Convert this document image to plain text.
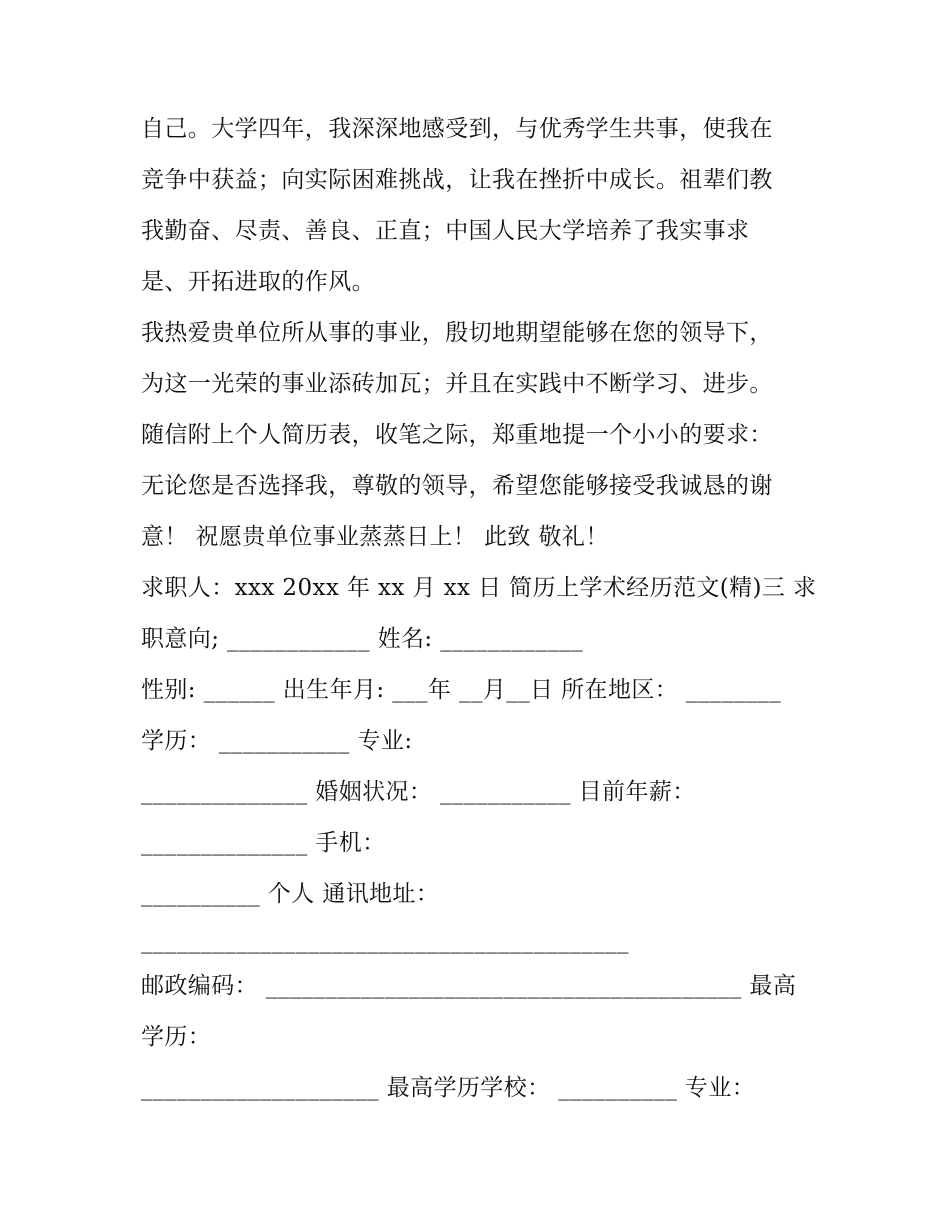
自己。大学四年，我深深地感受到，与优秀学生共事，使我在
竞争中获益；向实际困难挑战，让我在挫折中成长。祖辈们教
我勤奋、尽责、善良、正直；中国人民大学培养了我实事求
是、开拓进取的作风。
我热爱贵单位所从事的事业，殷切地期望能够在您的领导下，
为这一光荣的事业添砖加瓦；并且在实践中不断学习、进步。
随信附上个人简历表，收笔之际，郑重地提一个小小的要求：
无论您是否选择我，尊敬的领导，希望您能够接受我诚恳的谢
意！ 祝愿贵单位事业蒸蒸日上！ 此致 敬礼！
求职人：xxx 20xx 年 xx 月 xx 日 简历上学术经历范文(精)三 求
职意向; ____________ 姓名: ____________
性别: ______ 出生年月: ___年 __月__日 所在地区： ________
学历： ___________ 专业:
______________ 婚姻状况： ___________ 目前年薪：
______________ 手机：
__________ 个人 通讯地址：
_________________________________________
邮政编码： ________________________________________ 最高
学历：
____________________ 最高学历学校： __________ 专业：
